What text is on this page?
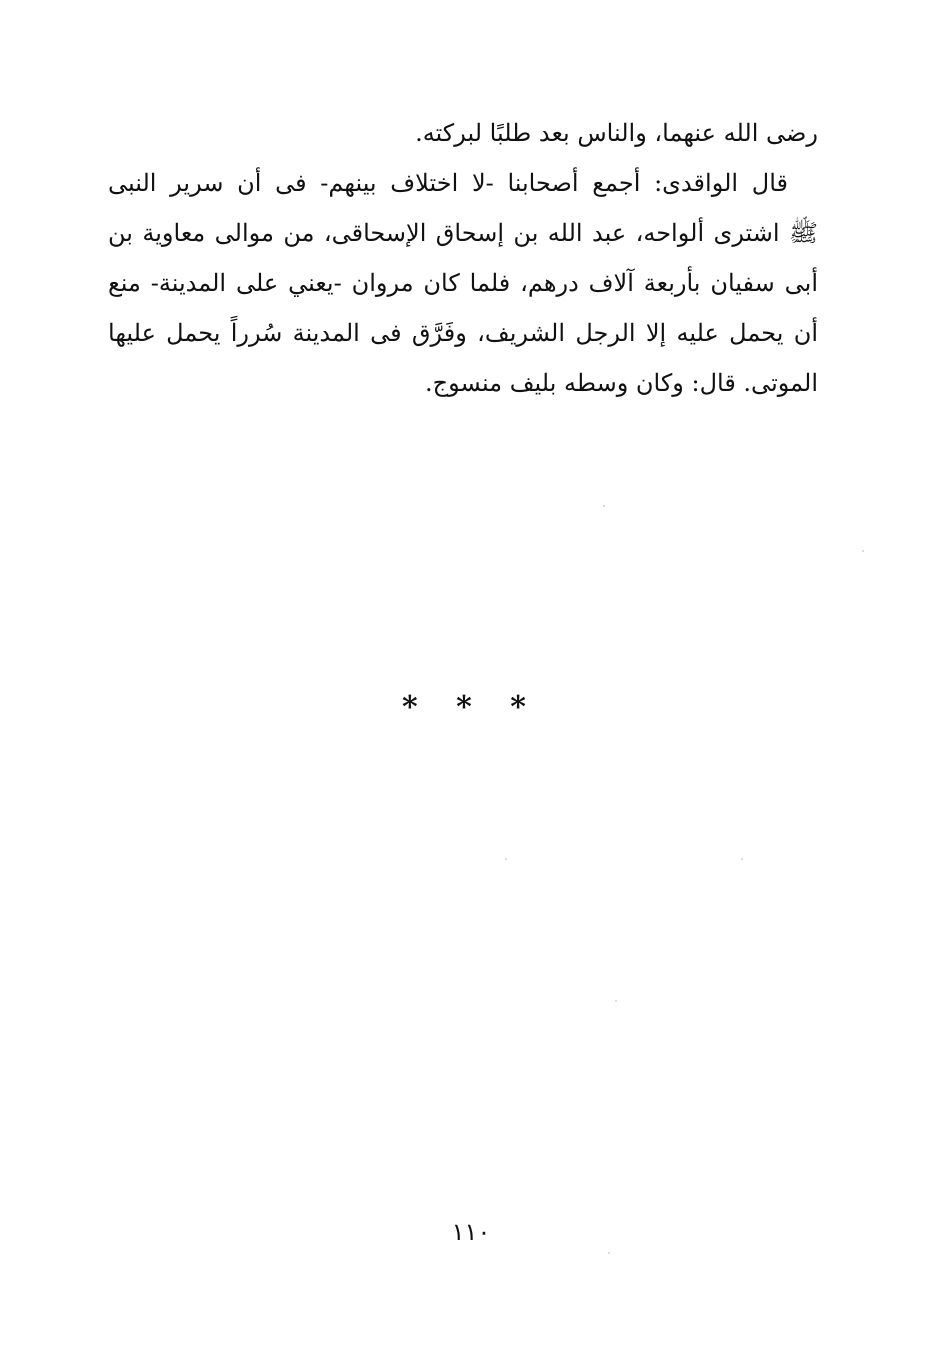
رضى الله عنهما، والناس بعد طلبًا لبركته.
قال الواقدى: أجمع أصحابنا -لا اختلاف بينهم- فى أن سرير النبى
ﷺ اشترى ألواحه، عبد الله بن إسحاق الإسحاقى، من موالى معاوية بن
أبى سفيان بأربعة آلاف درهم، فلما كان مروان -يعني على المدينة- منع
أن يحمل عليه إلا الرجل الشريف، وفَرَّق فى المدينة سُرراً يحمل عليها
الموتى. قال: وكان وسطه بليف منسوج.
* * *
١١٠
